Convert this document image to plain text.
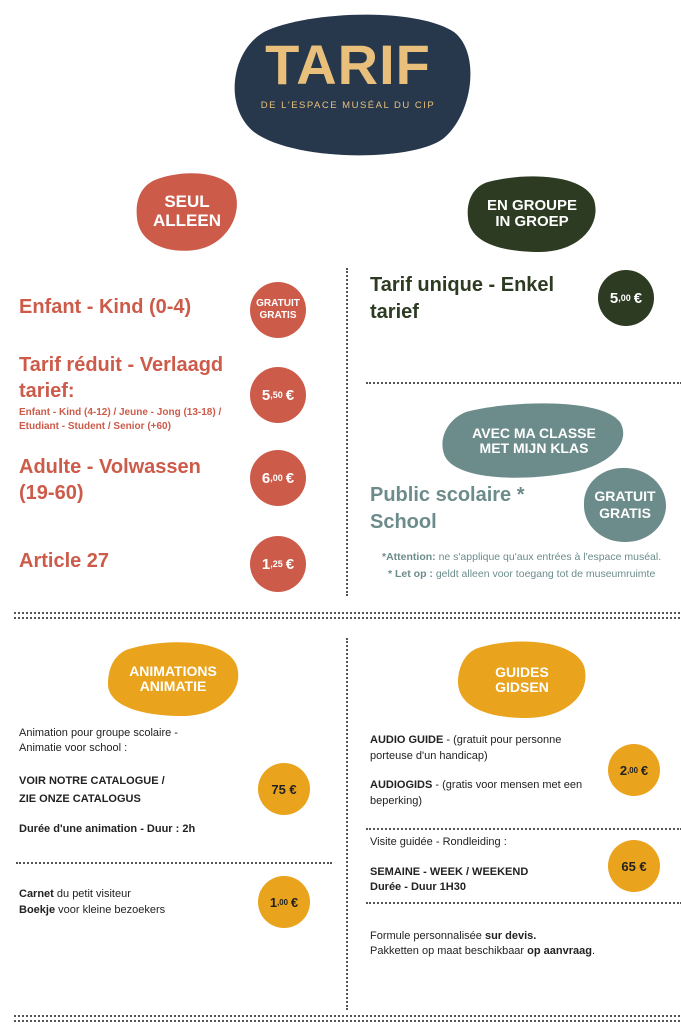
TARIF
DE L'ESPACE MUSÉAL DU CIP
SEUL
ALLEEN
EN GROUPE
IN GROEP
Enfant - Kind (0-4)	GRATUIT
GRATIS
Tarif réduit - Verlaagd
tarief:
Enfant - Kind (4-12) / Jeune - Jong (13-18) / Etudiant - Student / Senior (+60)
5 ,50 €
Adulte - Volwassen
(19-60)
6 ,00 €
Article 27	1 ,25 €
Tarif unique - Enkel
tarief
5 ,00 €
AVEC MA CLASSE
MET MIJN KLAS
Public scolaire *
School
GRATUIT
GRATIS
*Attention: ne s'applique qu'aux entrées à l'espace muséal.
* Let op : geldt alleen voor toegang tot de museumruimte
ANIMATIONS
ANIMATIE
Animation pour groupe scolaire -
Animatie voor school :
VOIR NOTRE CATALOGUE /
ZIE ONZE CATALOGUS
Durée d'une animation - Duur : 2h
75 €
Carnet du petit visiteur
Boekje voor kleine bezoekers
1 ,00 €
GUIDES
GIDSEN
AUDIO GUIDE - (gratuit pour personne
porteuse d'un handicap)
AUDIOGIDS - (gratis voor mensen met een
beperking)
2 ,00 €
Visite guidée - Rondleiding :
SEMAINE - WEEK / WEEKEND
Durée - Duur 1H30
65 €
Formule personnalisée sur devis.
Pakketten op maat beschikbaar op aanvraag.
